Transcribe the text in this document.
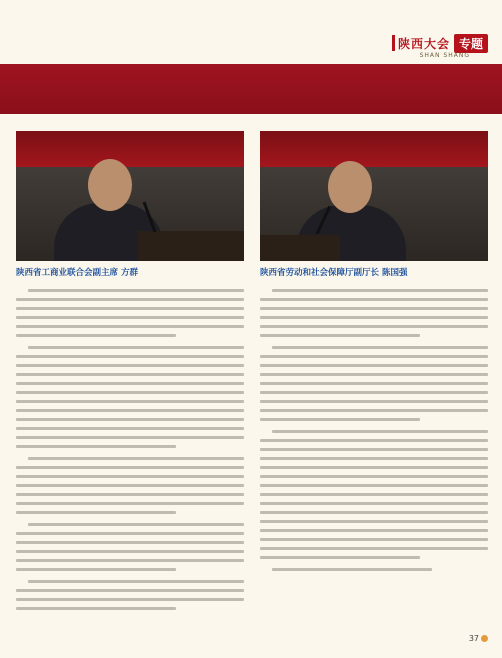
陕西大会 专题
SHAN SHANG
陕西省工商业联合会副主席 方群	陕西省劳动和社会保障厅副厅长 陈国强
37
